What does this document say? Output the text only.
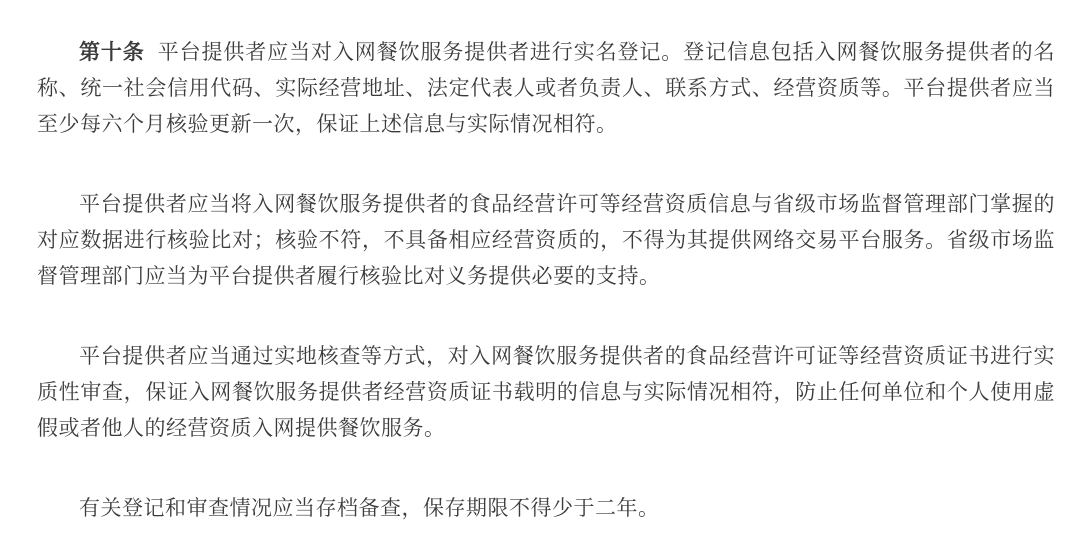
第十条 平台提供者应当对入网餐饮服务提供者进行实名登记。登记信息包括入网餐饮服务提供者的名称、统一社会信用代码、实际经营地址、法定代表人或者负责人、联系方式、经营资质等。平台提供者应当至少每六个月核验更新一次，保证上述信息与实际情况相符。

平台提供者应当将入网餐饮服务提供者的食品经营许可等经营资质信息与省级市场监督管理部门掌握的对应数据进行核验比对；核验不符，不具备相应经营资质的，不得为其提供网络交易平台服务。省级市场监督管理部门应当为平台提供者履行核验比对义务提供必要的支持。

平台提供者应当通过实地核查等方式，对入网餐饮服务提供者的食品经营许可证等经营资质证书进行实质性审查，保证入网餐饮服务提供者经营资质证书载明的信息与实际情况相符，防止任何单位和个人使用虚假或者他人的经营资质入网提供餐饮服务。

有关登记和审查情况应当存档备查，保存期限不得少于二年。
